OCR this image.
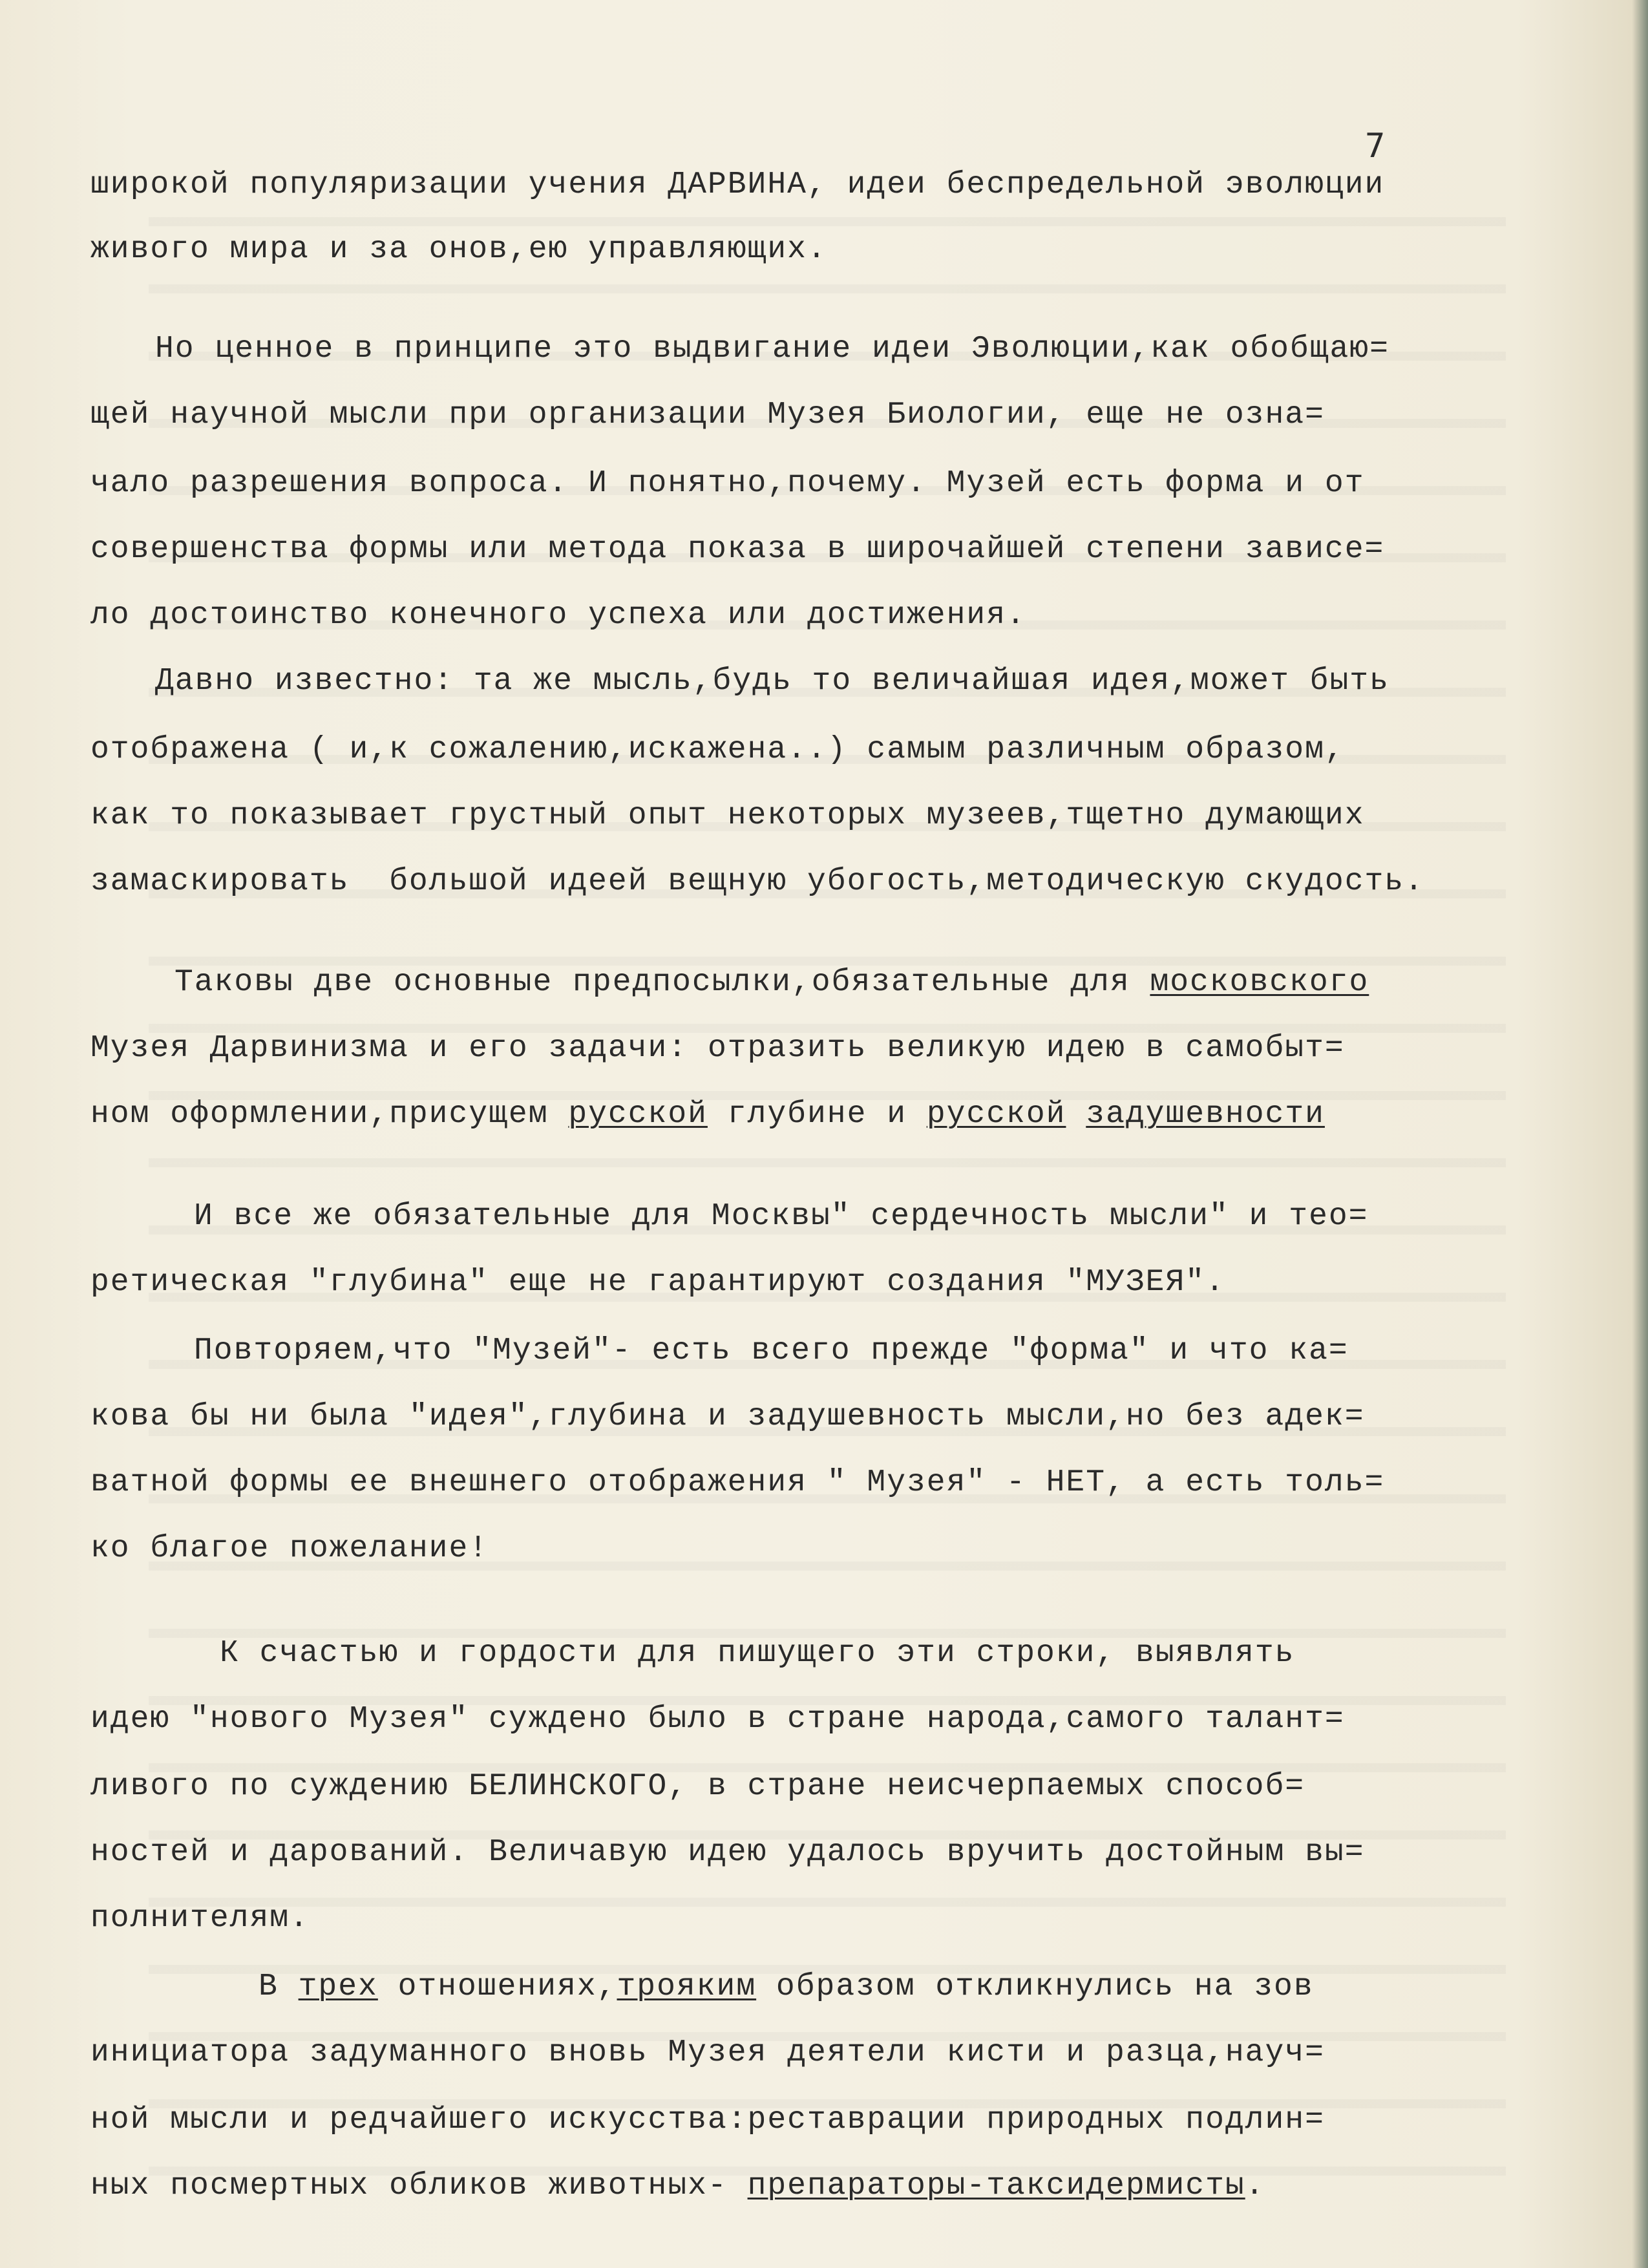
7
широкой популяризации учения ДАРВИНА, идеи беспредельной эволюции
живого мира и за онов,ею управляющих.
Но ценное в принципе это выдвигание идеи Эволюции,как обобщаю=
щей научной мысли при организации Музея Биологии, еще не озна=
чало разрешения вопроса. И понятно,почему. Музей есть форма и от
совершенства формы или метода показа в широчайшей степени зависе=
ло достоинство конечного успеха или достижения.
Давно известно: та же мысль,будь то величайшая идея,может быть
отображена ( и,к сожалению,искажена..) самым различным образом,
как то показывает грустный опыт некоторых музеев,тщетно думающих
замаскировать  большой идеей вещную убогость,методическую скудость.
Таковы две основные предпосылки,обязательные для московского
Музея Дарвинизма и его задачи: отразить великую идею в самобыт=
ном оформлении,присущем русской глубине и русской задушевности
И все же обязательные для Москвы" сердечность мысли" и тео=
ретическая "глубина" еще не гарантируют создания "МУЗЕЯ".
Повторяем,что "Музей"- есть всего прежде "форма" и что ка=
кова бы ни была "идея",глубина и задушевность мысли,но без адек=
ватной формы ее внешнего отображения " Музея" - НЕТ, а есть толь=
ко благое пожелание!
К счастью и гордости для пишущего эти строки, выявлять
идею "нового Музея" суждено было в стране народа,самого талант=
ливого по суждению БЕЛИНСКОГО, в стране неисчерпаемых способ=
ностей и дарований. Величавую идею удалось вручить достойным вы=
полнителям.
В трех отношениях,трояким образом откликнулись на зов
инициатора задуманного вновь Музея деятели кисти и разца,науч=
ной мысли и редчайшего искусства:реставрации природных подлин=
ных посмертных обликов животных- препараторы-таксидермисты.
